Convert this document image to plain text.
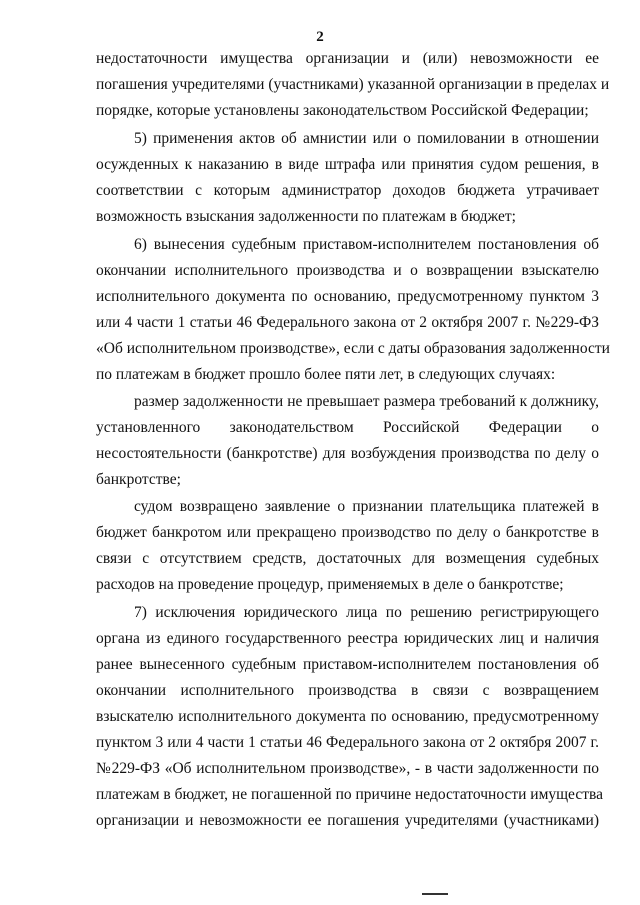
2
недостаточности имущества организации и (или) невозможности ее
погашения учредителями (участниками) указанной организации в пределах и
порядке, которые установлены законодательством Российской Федерации;
5) применения актов об амнистии или о помиловании в отношении
осужденных к наказанию в виде штрафа или принятия судом решения, в
соответствии с которым администратор доходов бюджета утрачивает
возможность взыскания задолженности по платежам в бюджет;
6) вынесения судебным приставом-исполнителем постановления об
окончании исполнительного производства и о возвращении взыскателю
исполнительного документа по основанию, предусмотренному пунктом 3
или 4 части 1 статьи 46 Федерального закона от 2 октября 2007 г. №229-ФЗ
«Об исполнительном производстве», если с даты образования задолженности
по платежам в бюджет прошло более пяти лет, в следующих случаях:
размер задолженности не превышает размера требований к должнику,
установленного законодательством Российской Федерации о
несостоятельности (банкротстве) для возбуждения производства по делу о
банкротстве;
судом возвращено заявление о признании плательщика платежей в
бюджет банкротом или прекращено производство по делу о банкротстве в
связи с отсутствием средств, достаточных для возмещения судебных
расходов на проведение процедур, применяемых в деле о банкротстве;
7) исключения юридического лица по решению регистрирующего
органа из единого государственного реестра юридических лиц и наличия
ранее вынесенного судебным приставом-исполнителем постановления об
окончании исполнительного производства в связи с возвращением
взыскателю исполнительного документа по основанию, предусмотренному
пунктом 3 или 4 части 1 статьи 46 Федерального закона от 2 октября 2007 г.
№229-ФЗ «Об исполнительном производстве», - в части задолженности по
платежам в бюджет, не погашенной по причине недостаточности имущества
организации и невозможности ее погашения учредителями (участниками)
